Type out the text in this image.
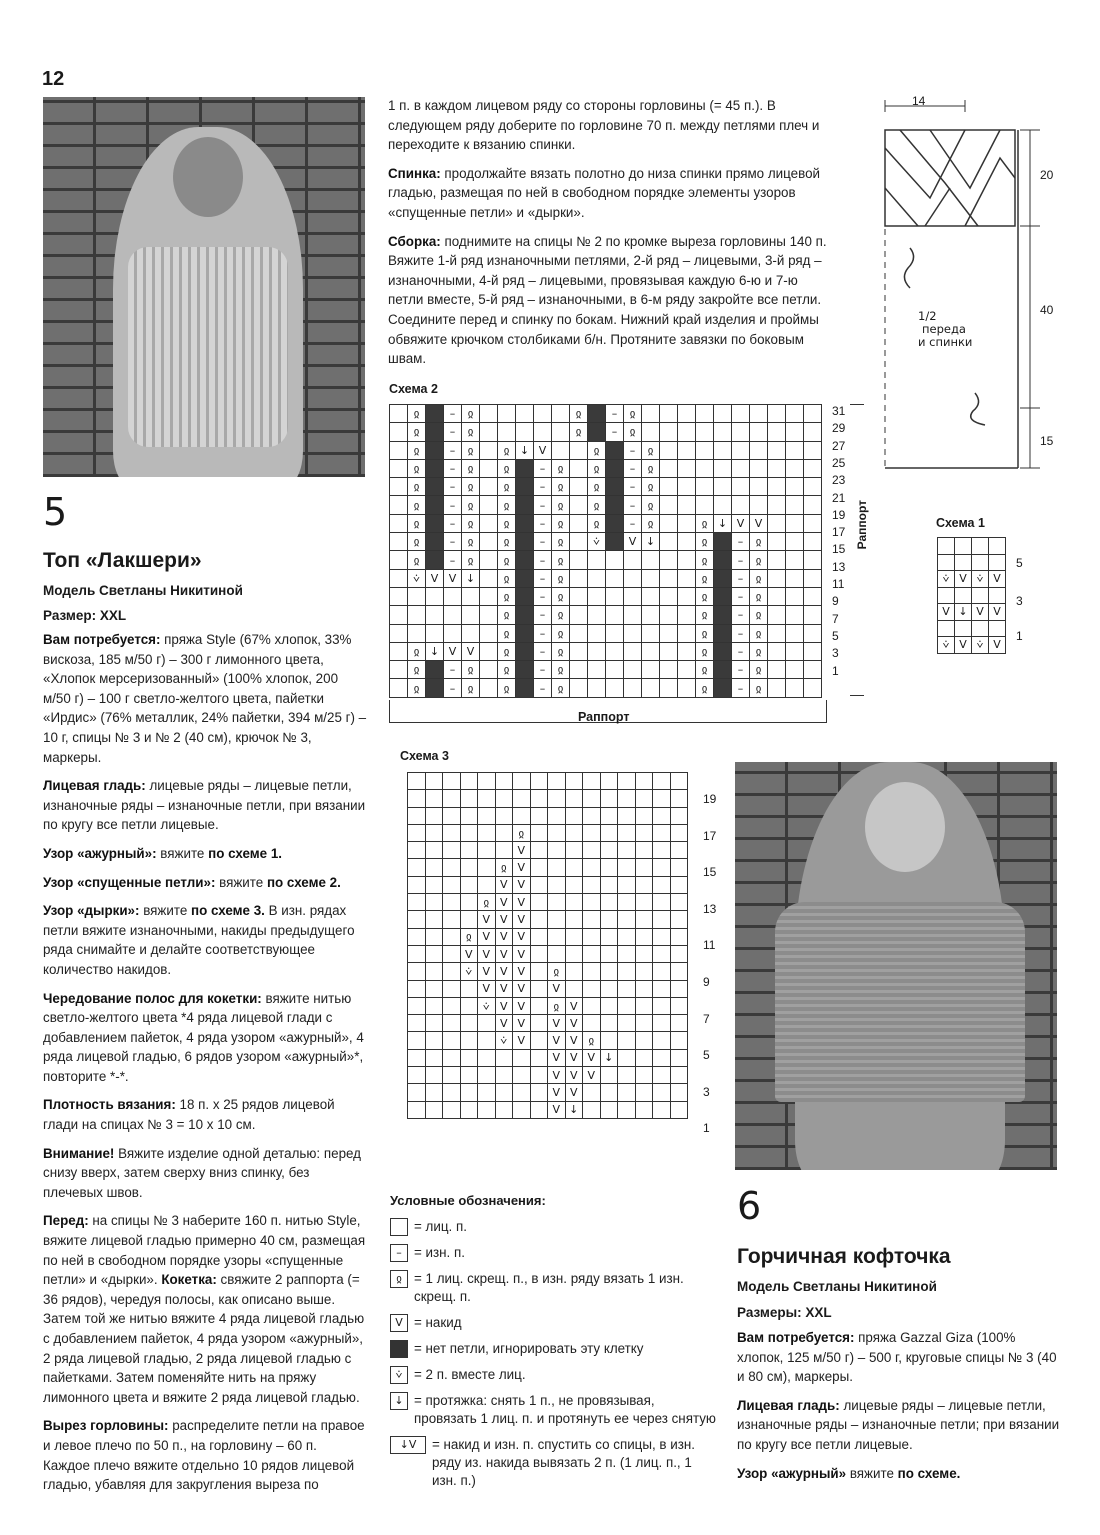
12
5
Топ «Лакшери»
Модель Светланы Никитиной
Размер: XXL

Вам потребуется: пряжа Style (67% хлопок, 33% вискоза, 185 м/50 г) – 300 г лимонного цвета, «Хлопок мерсеризованный» (100% хлопок, 200 м/50 г) – 100 г светло-желтого цвета, пайетки «Ирдис» (76% металлик, 24% пайетки, 394 м/25 г) – 10 г, спицы № 3 и № 2 (40 см), крючок № 3, маркеры.

Лицевая гладь: лицевые ряды – лицевые петли, изнаночные ряды – изнаночные петли, при вязании по кругу все петли лицевые.

Узор «ажурный»: вяжите по схеме 1.

Узор «спущенные петли»: вяжите по схеме 2.

Узор «дырки»: вяжите по схеме 3. В изн. рядах петли вяжите изнаночными, накиды предыдущего ряда снимайте и делайте соответствующее количество накидов.

Чередование полос для кокетки: вяжите нитью светло-желтого цвета *4 ряда лицевой глади с добавлением пайеток, 4 ряда узором «ажурный», 4 ряда лицевой гладью, 6 рядов узором «ажурный»*, повторите *-*.

Плотность вязания: 18 п. х 25 рядов лицевой глади на спицах № 3 = 10 х 10 см.

Внимание! Вяжите изделие одной деталью: перед снизу вверх, затем сверху вниз спинку, без плечевых швов.

Перед: на спицы № 3 наберите 160 п. нитью Style, вяжите лицевой гладью примерно 40 см, размещая по ней в свободном порядке узоры «спущенные петли» и «дырки». Кокетка: свяжите 2 раппорта (= 36 рядов), чередуя полосы, как описано выше. Затем той же нитью вяжите 4 ряда лицевой гладью с добавлением пайеток, 4 ряда узором «ажурный», 2 ряда лицевой гладью, 2 ряда лицевой гладью с пайетками. Затем поменяйте нить на пряжу лимонного цвета и вяжите 2 ряда лицевой гладью.

Вырез горловины: распределите петли на правое и левое плечо по 50 п., на горловину – 60 п. Каждое плечо вяжите отдельно 10 рядов лицевой гладью, убавляя для закругления выреза по

1 п. в каждом лицевом ряду со стороны горловины (= 45 п.). В следующем ряду доберите по горловине 70 п. между петлями плеч и переходите к вязанию спинки.

Спинка: продолжайте вязать полотно до низа спинки прямо лицевой гладью, размещая по ней в свободном порядке элементы узоров «спущенные петли» и «дырки».

Сборка: поднимите на спицы № 2 по кромке выреза горловины 140 п. Вяжите 1-й ряд изнаночными петлями, 2-й ряд – лицевыми, 3-й ряд – изнаночными, 4-й ряд – лицевыми, провязывая каждую 6-ю и 7-ю петли вместе, 5-й ряд – изнаночными, в 6-м ряду закройте все петли. Соедините перед и спинку по бокам. Нижний край изделия и проймы обвяжите крючком столбиками б/н. Протяните завязки по боковым швам.

14
20
40
15
1/2
переда
и спинки
Схема 1

⩒	V	⩒	V

V	↓	V	V

⩒	V	⩒	V
5
3
1
Схема 2
	ჲ		–	ჲ						ჲ		–	ჲ										
	ჲ		–	ჲ						ჲ		–	ჲ										
	ჲ		–	ჲ		ჲ	↓	V			ჲ		–	ჲ									
	ჲ		–	ჲ		ჲ		–	ჲ		ჲ		–	ჲ									
	ჲ		–	ჲ		ჲ		–	ჲ		ჲ		–	ჲ									
	ჲ		–	ჲ		ჲ		–	ჲ		ჲ		–	ჲ									
	ჲ		–	ჲ		ჲ		–	ჲ		ჲ		–	ჲ			ჲ	↓	V	V			
	ჲ		–	ჲ		ჲ		–	ჲ		⩒		V	↓			ჲ		–	ჲ			
	ჲ		–	ჲ		ჲ		–	ჲ								ჲ		–	ჲ			
	⩒	V	V	↓		ჲ		–	ჲ								ჲ		–	ჲ			
						ჲ		–	ჲ								ჲ		–	ჲ			
						ჲ		–	ჲ								ჲ		–	ჲ			
						ჲ		–	ჲ								ჲ		–	ჲ			
	ჲ	↓	V	V		ჲ		–	ჲ								ჲ		–	ჲ			
	ჲ		–	ჲ		ჲ		–	ჲ								ჲ		–	ჲ			
	ჲ		–	ჲ		ჲ		–	ჲ								ჲ		–	ჲ			
31
29
27
25
23
21
19
17
15
13
11
9
7
5
3
1
Раппорт
Раппорт
Схема 3

						ჲ									
						V									
					ჲ	V									
					V	V									
				ჲ	V	V									
				V	V	V									
			ჲ	V	V	V									
			V	V	V	V									
			⩒	V	V	V		ჲ							
				V	V	V		V							
				⩒	V	V		ჲ	V						
					V	V		V	V						
					⩒	V		V	V	ჲ					
								V	V	V	↓				
								V	V	V					
								V	V						
								V	↓						
19
17
15
13
11
9
7
5
3
1
Условные обозначения:
= лиц. п.
– = изн. п.
ჲ = 1 лиц. скрещ. п., в изн. ряду вязать 1 изн. скрещ. п.
V = накид
= нет петли, игнорировать эту клетку
⩒ = 2 п. вместе лиц.
↓ = протяжка: снять 1 п., не провязывая, провязать 1 лиц. п. и протянуть ее через снятую
↓V	= накид и изн. п. спустить со спицы, в изн. ряду из. накида вывязать 2 п. (1 лиц. п., 1 изн. п.)
6
Горчичная кофточка
Модель Светланы Никитиной
Размеры: XXL

Вам потребуется: пряжа Gazzal Giza (100% хлопок, 125 м/50 г) – 500 г, круговые спицы № 3 (40 и 80 см), маркеры.

Лицевая гладь: лицевые ряды – лицевые петли, изнаночные ряды – изнаночные петли; при вязании по кругу все петли лицевые.

Узор «ажурный» вяжите по схеме.
